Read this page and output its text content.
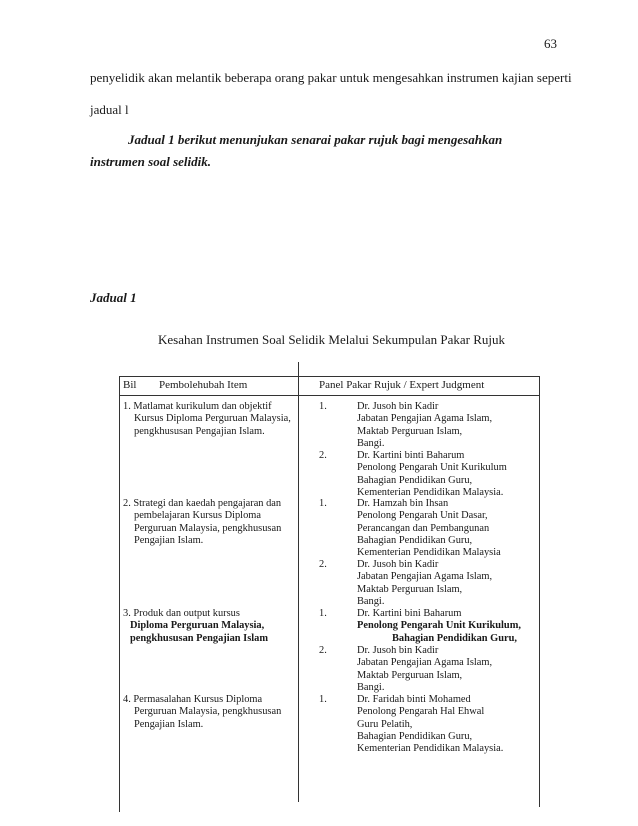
63
penyelidik akan melantik beberapa orang pakar untuk mengesahkan instrumen kajian seperti
jadual l
Jadual 1 berikut menunjukan senarai pakar rujuk bagi mengesahkan
instrumen soal selidik.
Jadual 1
Kesahan Instrumen Soal Selidik Melalui Sekumpulan Pakar Rujuk
Bil Pembolehubah Item	Panel Pakar Rujuk / Expert Judgment
1. Matlamat kurikulum dan objektif
Kursus Diploma Perguruan Malaysia,
pengkhususan Pengajian Islam.
1.	Dr. Jusoh bin Kadir
Jabatan Pengajian Agama Islam,
Maktab Perguruan Islam,
Bangi.
2.	Dr. Kartini binti Baharum
Penolong Pengarah Unit Kurikulum
Bahagian Pendidikan Guru,
Kementerian Pendidikan Malaysia.
2. Strategi dan kaedah pengajaran dan
pembelajaran Kursus Diploma
Perguruan Malaysia, pengkhususan
Pengajian Islam.
1.	Dr. Hamzah bin Ihsan
Penolong Pengarah Unit Dasar,
Perancangan dan Pembangunan
Bahagian Pendidikan Guru,
Kementerian Pendidikan Malaysia
2.	Dr. Jusoh bin Kadir
Jabatan Pengajian Agama Islam,
Maktab Perguruan Islam,
Bangi.
3. Produk dan output kursus
Diploma Perguruan Malaysia,
pengkhususan Pengajian Islam
1.	Dr. Kartini bini Baharum
Penolong Pengarah Unit Kurikulum,
Bahagian Pendidikan Guru,
2.	Dr. Jusoh bin Kadir
Jabatan Pengajian Agama Islam,
Maktab Perguruan Islam,
Bangi.
4. Permasalahan Kursus Diploma
Perguruan Malaysia, pengkhususan
Pengajian Islam.
1.	Dr. Faridah binti Mohamed
Penolong Pengarah Hal Ehwal
Guru Pelatih,
Bahagian Pendidikan Guru,
Kementerian Pendidikan Malaysia.
